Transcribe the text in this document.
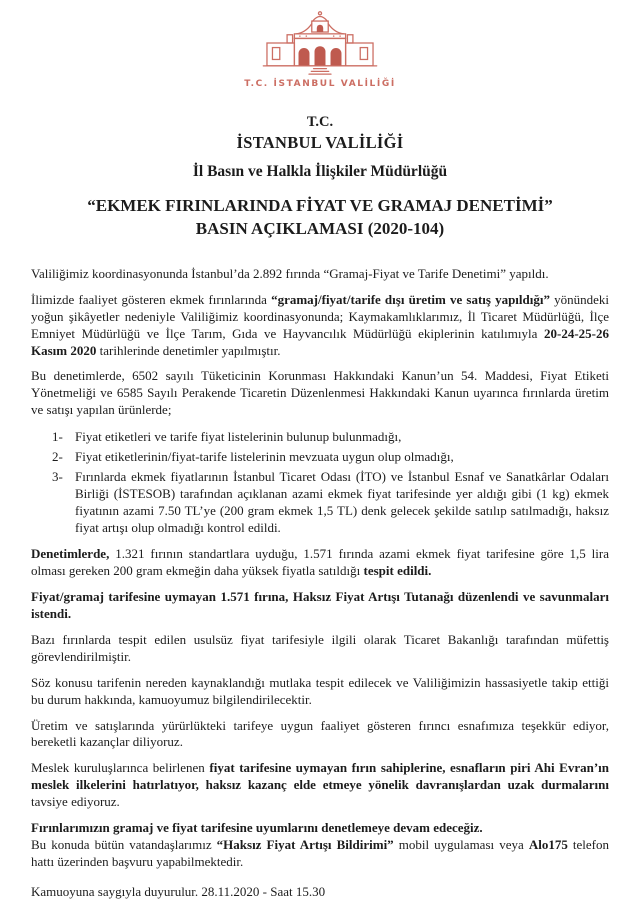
T.C. İSTANBUL VALİLİĞİ
T.C.
İSTANBUL VALİLİĞİ
İl Basın ve Halkla İlişkiler Müdürlüğü
“EKMEK FIRINLARINDA FİYAT VE GRAMAJ DENETİMİ”
BASIN AÇIKLAMASI (2020-104)

Valiliğimiz koordinasyonunda İstanbul’da 2.892 fırında “Gramaj-Fiyat ve Tarife Denetimi” yapıldı.

İlimizde faaliyet gösteren ekmek fırınlarında “gramaj/fiyat/tarife dışı üretim ve satış yapıldığı” yönündeki yoğun şikâyetler nedeniyle Valiliğimiz koordinasyonunda; Kaymakamlıklarımız, İl Ticaret Müdürlüğü, İlçe Emniyet Müdürlüğü ve İlçe Tarım, Gıda ve Hayvancılık Müdürlüğü ekiplerinin katılımıyla 20-24-25-26 Kasım 2020 tarihlerinde denetimler yapılmıştır.

Bu denetimlerde, 6502 sayılı Tüketicinin Korunması Hakkındaki Kanun’un 54. Maddesi, Fiyat Etiketi Yönetmeliği ve 6585 Sayılı Perakende Ticaretin Düzenlenmesi Hakkındaki Kanun uyarınca fırınlarda üretim ve satışı yapılan ürünlerde;

1- Fiyat etiketleri ve tarife fiyat listelerinin bulunup bulunmadığı,
2- Fiyat etiketlerinin/fiyat-tarife listelerinin mevzuata uygun olup olmadığı,
3- Fırınlarda ekmek fiyatlarının İstanbul Ticaret Odası (İTO) ve İstanbul Esnaf ve Sanatkârlar Odaları Birliği (İSTESOB) tarafından açıklanan azami ekmek fiyat tarifesinde yer aldığı gibi (1 kg) ekmek fiyatının azami 7.50 TL’ye (200 gram ekmek 1,5 TL) denk gelecek şekilde satılıp satılmadığı, haksız fiyat artışı olup olmadığı kontrol edildi.

Denetimlerde, 1.321 fırının standartlara uyduğu, 1.571 fırında azami ekmek fiyat tarifesine göre 1,5 lira olması gereken 200 gram ekmeğin daha yüksek fiyatla satıldığı tespit edildi.

Fiyat/gramaj tarifesine uymayan 1.571 fırına, Haksız Fiyat Artışı Tutanağı düzenlendi ve savunmaları istendi.

Bazı fırınlarda tespit edilen usulsüz fiyat tarifesiyle ilgili olarak Ticaret Bakanlığı tarafından müfettiş görevlendirilmiştir.

Söz konusu tarifenin nereden kaynaklandığı mutlaka tespit edilecek ve Valiliğimizin hassasiyetle takip ettiği bu durum hakkında, kamuoyumuz bilgilendirilecektir.

Üretim ve satışlarında yürürlükteki tarifeye uygun faaliyet gösteren fırıncı esnafımıza teşekkür ediyor, bereketli kazançlar diliyoruz.

Meslek kuruluşlarınca belirlenen fiyat tarifesine uymayan fırın sahiplerine, esnafların piri Ahi Evran’ın meslek ilkelerini hatırlatıyor, haksız kazanç elde etmeye yönelik davranışlardan uzak durmalarını tavsiye ediyoruz.

Fırınlarımızın gramaj ve fiyat tarifesine uyumlarını denetlemeye devam edeceğiz.
Bu konuda bütün vatandaşlarımız “Haksız Fiyat Artışı Bildirimi” mobil uygulaması veya Alo175 telefon hattı üzerinden başvuru yapabilmektedir.

Kamuoyuna saygıyla duyurulur. 28.11.2020 - Saat 15.30
